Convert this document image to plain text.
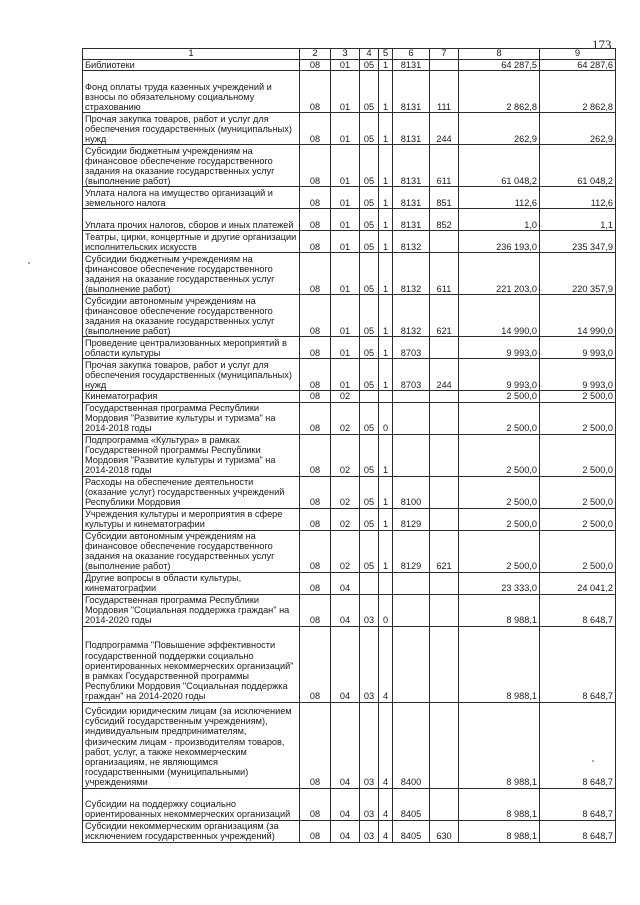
173
1	2	3	4	5	6	7	8	9
Библиотеки	08	01	05	1	8131		64 287,5	64 287,6
Фонд оплаты труда казенных учреждений и взносы по обязательному социальному страхованию	08	01	05	1	8131	111	2 862,8	2 862,8
Прочая закупка товаров, работ и услуг для обеспечения государственных (муниципальных) нужд	08	01	05	1	8131	244	262,9	262,9
Субсидии бюджетным учреждениям на финансовое обеспечение государственного задания на оказание государственных услуг (выполнение работ)	08	01	05	1	8131	611	61 048,2	61 048,2
Уплата налога на имущество организаций и земельного налога	08	01	05	1	8131	851	112,6	112,6
Уплата прочих налогов, сборов и иных платежей	08	01	05	1	8131	852	1,0	1,1
Театры, цирки, концертные и другие организации исполнительских искусств	08	01	05	1	8132		236 193,0	235 347,9
Субсидии бюджетным учреждениям на финансовое обеспечение государственного задания на оказание государственных услуг (выполнение работ)	08	01	05	1	8132	611	221 203,0	220 357,9
Субсидии автономным учреждениям на финансовое обеспечение государственного задания на оказание государственных услуг (выполнение работ)	08	01	05	1	8132	621	14 990,0	14 990,0
Проведение централизованных мероприятий в области культуры	08	01	05	1	8703		9 993,0	9 993,0
Прочая закупка товаров, работ и услуг для обеспечения государственных (муниципальных) нужд	08	01	05	1	8703	244	9 993,0	9 993,0
Кинематография	08	02					2 500,0	2 500,0
Государственная программа Республики Мордовия "Развитие культуры и туризма" на 2014-2018 годы	08	02	05	0			2 500,0	2 500,0
Подпрограмма «Культура» в рамках Государственной программы Республики Мордовия "Развитие культуры и туризма" на 2014-2018 годы	08	02	05	1			2 500,0	2 500,0
Расходы на обеспечение деятельности (оказание услуг) государственных учреждений Республики Мордовия	08	02	05	1	8100		2 500,0	2 500,0
Учреждения культуры и мероприятия в сфере культуры и кинематографии	08	02	05	1	8129		2 500,0	2 500,0
Субсидии автономным учреждениям на финансовое обеспечение государственного задания на оказание государственных услуг (выполнение работ)	08	02	05	1	8129	621	2 500,0	2 500,0
Другие вопросы в области культуры, кинематографии	08	04					23 333,0	24 041,2
Государственная программа Республики Мордовия "Социальная поддержка граждан" на 2014-2020 годы	08	04	03	0			8 988,1	8 648,7
Подпрограмма "Повышение эффективности государственной поддержки социально ориентированных некоммерческих организаций" в рамках Государственной программы Республики Мордовия "Социальная поддержка граждан" на 2014-2020 годы	08	04	03	4			8 988,1	8 648,7
Субсидии юридическим лицам (за исключением субсидий государственным учреждениям), индивидуальным предпринимателям, физическим лицам - производителям товаров, работ, услуг, а также некоммерческим организациям, не являющимся государственными (муниципальными) учреждениями	08	04	03	4	8400		8 988,1	8 648,7
Субсидии на поддержку социально ориентированных некоммерческих организаций	08	04	03	4	8405		8 988,1	8 648,7
Субсидии некоммерческим организациям (за исключением государственных учреждений)	08	04	03	4	8405	630	8 988,1	8 648,7
